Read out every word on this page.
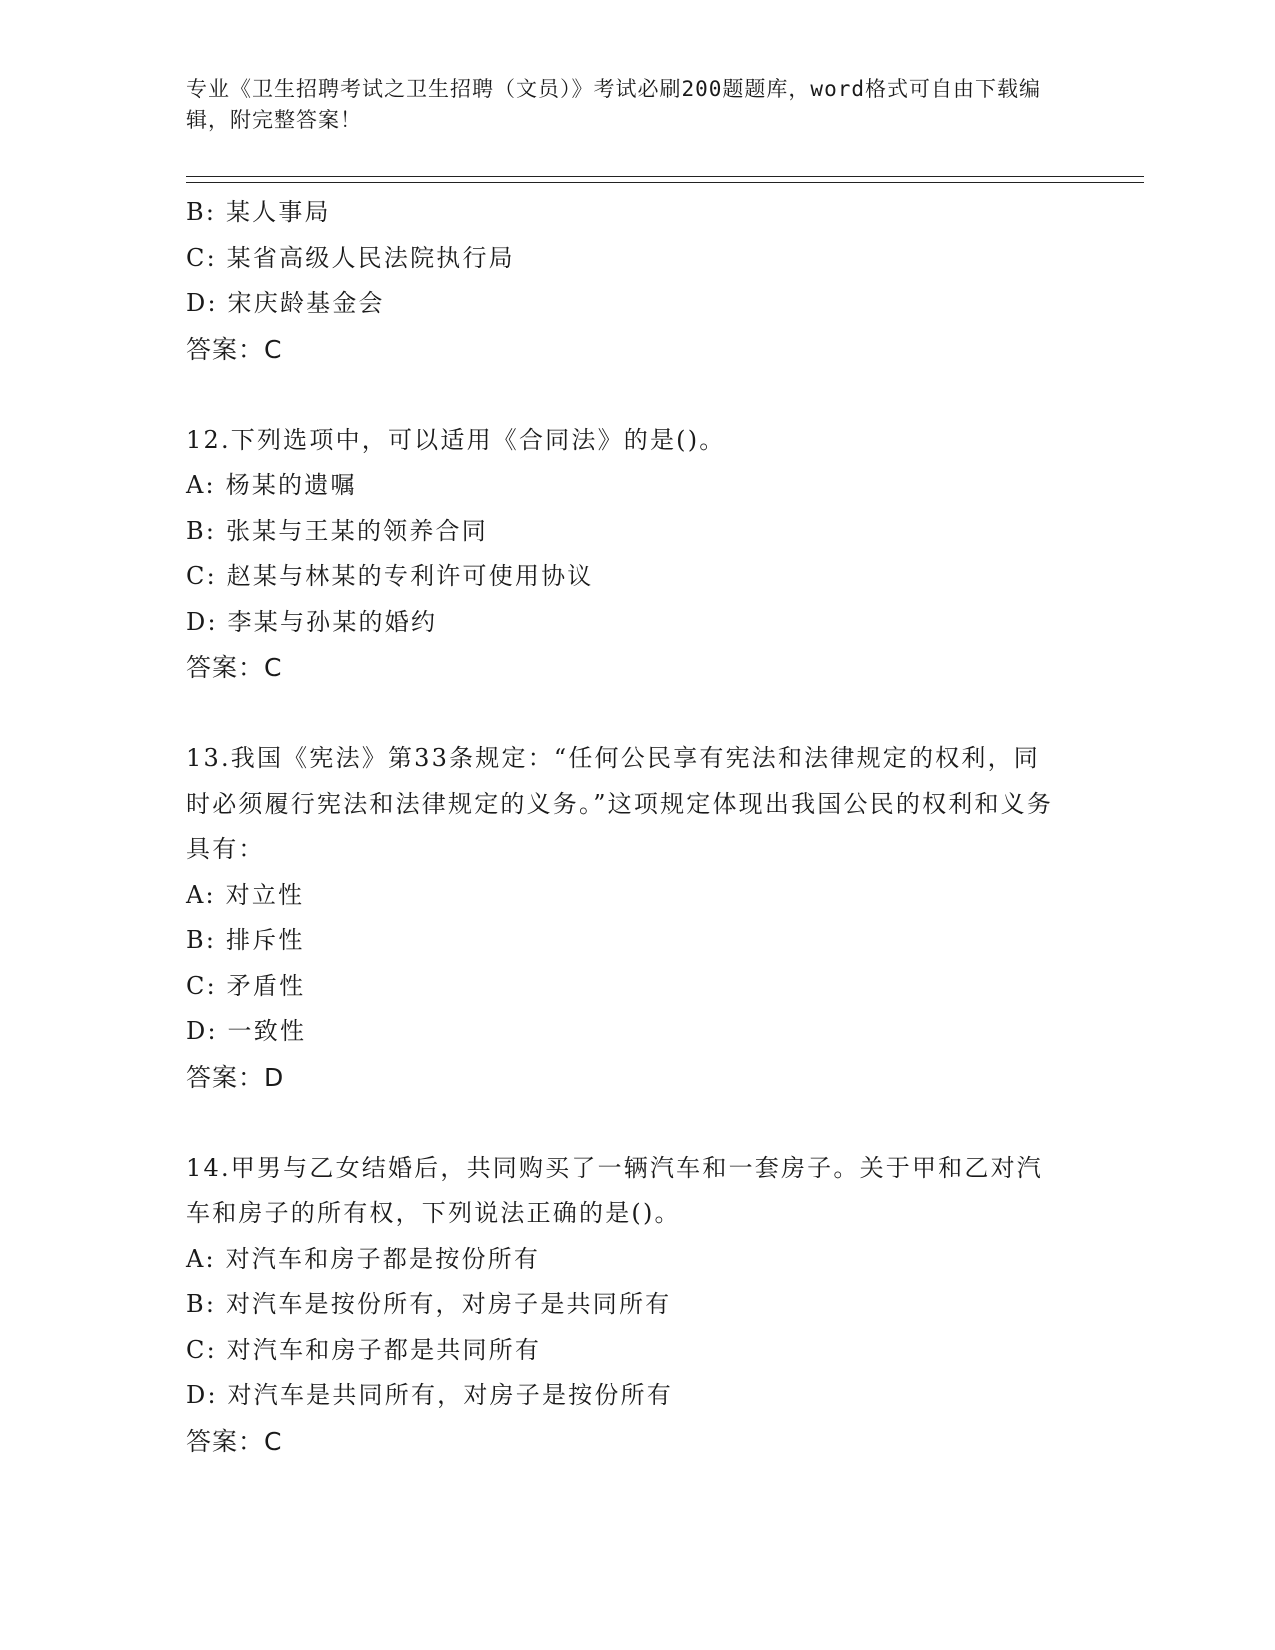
专业《卫生招聘考试之卫生招聘（文员）》考试必刷200题题库，word格式可自由下载编辑，附完整答案！
B: 某人事局
C: 某省高级人民法院执行局
D: 宋庆龄基金会
答案：C
12.下列选项中，可以适用《合同法》的是()。
A: 杨某的遗嘱
B: 张某与王某的领养合同
C: 赵某与林某的专利许可使用协议
D: 李某与孙某的婚约
答案：C
13.我国《宪法》第33条规定：“任何公民享有宪法和法律规定的权利，同时必须履行宪法和法律规定的义务。”这项规定体现出我国公民的权利和义务具有：
A: 对立性
B: 排斥性
C: 矛盾性
D: 一致性
答案：D
14.甲男与乙女结婚后，共同购买了一辆汽车和一套房子。关于甲和乙对汽车和房子的所有权，下列说法正确的是()。
A: 对汽车和房子都是按份所有
B: 对汽车是按份所有，对房子是共同所有
C: 对汽车和房子都是共同所有
D: 对汽车是共同所有，对房子是按份所有
答案：C
